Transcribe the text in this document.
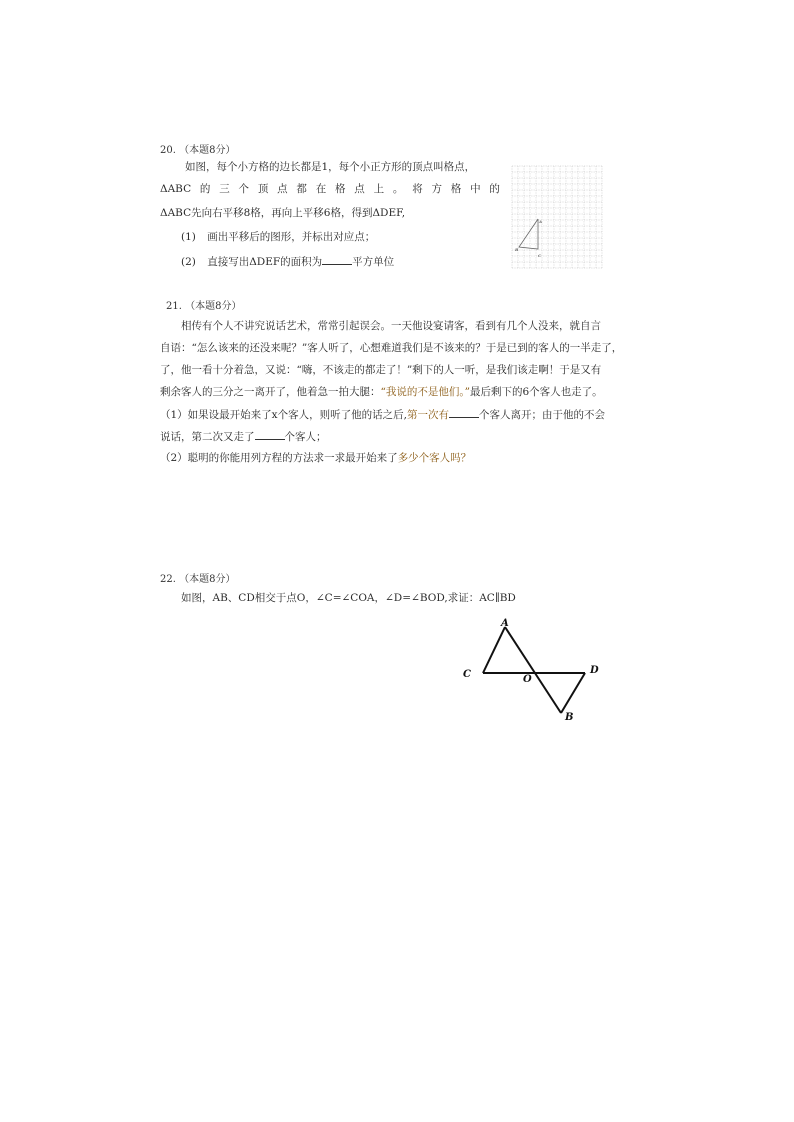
20. （本题8分）
如图，每个小方格的边长都是1，每个小正方形的顶点叫格点，
ΔABC 的 三 个 顶 点 都 在 格 点 上 。 将 方 格 中 的
ΔABC先向右平移8格，再向上平移6格，得到ΔDEF,
(1) 画出平移后的图形，并标出对应点；
(2) 直接写出ΔDEF的面积为	平方单位
A
B
C
21. （本题8分）
相传有个人不讲究说话艺术，常常引起误会。一天他设宴请客，看到有几个人没来，就自言
自语：“怎么该来的还没来呢？”客人听了，心想难道我们是不该来的？于是已到的客人的一半走了，
了，他一看十分着急，又说：“嗨，不该走的都走了！”剩下的人一听，是我们该走啊！于是又有
剩余客人的三分之一离开了，他着急一拍大腿：“我说的不是他们。”最后剩下的6个客人也走了。
（1）如果设最开始来了x个客人，则听了他的话之后,第一次有	个客人离开；由于他的不会
说话，第二次又走了	个客人；
（2）聪明的你能用列方程的方法求一求最开始来了多少个客人吗？
22. （本题8分）
如图，AB、CD相交于点O，∠C=∠COA，∠D=∠BOD,求证：AC∥BD
A
C	O
D
B
